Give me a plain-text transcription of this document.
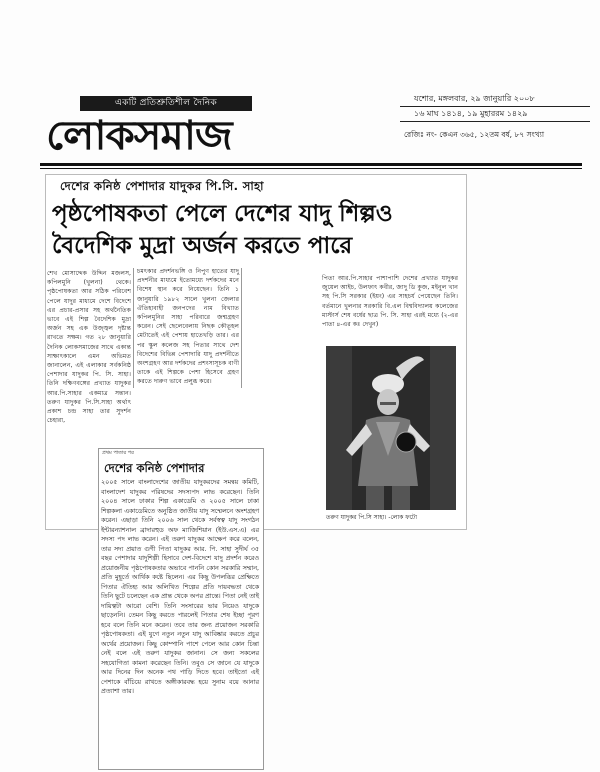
একটি প্রতিশ্রুতিশীল দৈনিক
লোকসমাজ
যশোর, মঙ্গলবার, ২৯ জানুয়ারি ২০০৮
১৬ মাঘ ১৪১৪, ১৯ মুহাররম ১৪২৯
রেজিঃ নং- কেএন ৩৬৫, ১২তম বর্ষ, ৮৭ সংখ্যা
দেশের কনিষ্ঠ পেশাদার যাদুকর পি.সি. সাহা
পৃষ্ঠপোষকতা পেলে দেশের যাদু শিল্পও
বৈদেশিক মুদ্রা অর্জন করতে পারে
শেখ মোসাদ্দেক উদ্দিন মজলস, কপিলমুনি (খুলনা) থেকে। পৃষ্ঠপোষকতা আর সঠিক পরিবেশ পেলে যাদুর মাধ্যমে দেশে বিদেশে এর প্রচার-প্রসার সহ অর্থনৈতিক ভাবে এই শিল্প বৈদেশিক মুদ্রা অর্জন সহ এক উজ্জ্বল দৃষ্টান্ত রাখতে সক্ষম। গত ২৮ জানুয়ারি দৈনিক লোকসমাজের সাথে একান্ত সাক্ষাৎকালে এমন অভিমত জানালেন, এই এলাকার সর্বকনিষ্ঠ পেশাদার যাদুকর পি. সি. সাহা। তিনি দক্ষিণবঙ্গের প্রখ্যাত যাদুকর আর.পি.সাহার একমাত্র সন্তান। তরুণ যাদুকর পি.সি.সাহা অর্থাৎ প্রকাশ চন্দ্র সাহা তার সুদর্শন চেহারা,
চমৎকার প্রদর্শনভঙ্গি ও নিপুণ হাতের যাদু প্রদর্শনীর মাধ্যমে ইতোমধ্যে দর্শকদের মনে বিশেষ স্থান করে নিয়েছেন। তিনি ১ জানুয়ারি ১৯৮২ সালে খুলনা জেলার ঐতিহ্যবাহী জনপদের নাম বিখ্যাত কপিলমুনির সাহা পরিবারে জন্মগ্রহণ করেন। সেই ছেলেবেলায় নিছক কৌতূহল মেটাতেই এই পেশায় হাতেখড়ি তার। এর পর স্কুল কলেজ সহ পিতার সাথে দেশ বিদেশের বিভিন্ন পেশাদারি যাদু প্রদর্শনীতে অংশগ্রহণ আর দর্শকদের প্রশংসাসূচক বাণী তাকে এই শিল্পকে পেশা হিসেবে গ্রহণ করতে দারুণ ভাবে প্রলুব্ধ করে।
পিতা আর.পি.সাহার পাশাপাশি দেশের প্রখ্যাত যাদুকর জুয়েল আইচ, উলফাৎ কবীর, জাদু ডি কুজ, মইনুল খান সহ পি.সি সরকার (ইয়ং) এর সাহচর্য পেয়েছেন তিনি। বর্তমানে খুলনার সরকারি বি.এল বিশ্ববিদ্যালয় কলেজের মাস্টার্স শেষ বর্ষের ছাত্র পি. সি. সাহা এরই মধ্যে (২-এর পাতা ৪-এর কঃ দেখুন)
তরুণ যাদুকর পি.সি সাহা। -লোক ফটো
প্রথম পাতার পর
দেশের কনিষ্ঠ পেশাদার
২০০৫ সালে বাংলাদেশের জাতীয় যাদুকরদের সমন্বয় কমিটি, বাংলাদেশ যাদুকর পরিষদের সদস্যপদ লাভ করেছেন। তিনি ২০০৪ সালে ঢাকার শিল্প একাডেমি ও ২০০৫ সালে ঢাকা শিল্পকলা একাডেমিতে অনুষ্ঠিত জাতীয় যাদু সম্মেলনে অংশগ্রহণ করেন। এছাড়া তিনি ২০০৬ সাল থেকে সর্বস্বত্ব যাদু সংগঠন ইন্টারন্যাশনাল ব্রাদারহুড অফ ম্যাজিশিয়ান (ইউ.এস.এ) এর সদস্য পদ লাভ করেন। এই তরুণ যাদুকর আক্ষেপ করে বলেন, তার সদ্য প্রয়াত গুণী পিতা যাদুকর আর. পি. সাহা সুদীর্ঘ ৩৫ বছর পেশাদার যাদুশিল্পী হিসাবে দেশ-বিদেশে যাদু প্রদর্শন করেও প্রয়োজনীয় পৃষ্ঠপোষকতার অভাবে পাননি কোন সরকারি সম্মান, প্রতি মুহূর্তে আর্থিক কষ্টে ছিলেন। এর কিছু উপলব্ধির প্রেক্ষিতে পিতার ঐতিহ্য আর অলিখিত শিল্পের প্রতি দায়বদ্ধতা থেকে তিনি ছুটে চলেছেন এক প্রান্ত থেকে অপর প্রান্তে। পিতা নেই তাই দায়িত্বটা আরো বেশি। তিনি সংসারের ভার নিয়েও যাদুকে ছাড়েননি। তেমন কিছু করতে পারলেই পিতার শেষ ইচ্ছা পূরণ হবে বলে তিনি মনে করেন। তবে তার জন্য প্রয়োজন সরকারি পৃষ্ঠপোষকতা। এই যুগে নতুন নতুন যাদু আবিষ্কার করতে প্রচুর অর্থের প্রয়োজন। কিছু কোম্পানি পাশে পেলে আর কোন চিন্তা নেই বলে এই তরুণ যাদুকর জানান। সে জন্য সকলের সহযোগিতা কামনা করেছেন তিনি। তবুও সে জানে যে যাদুকে আর দিনের দিন অনেক পথ পাড়ি দিতে হবে। তাইতো এই পেশাকে বাঁচিয়ে রাখতে অঙ্গীকারবদ্ধ হয়ে সুনাম বয়ে আনার প্রত্যাশা তার।
